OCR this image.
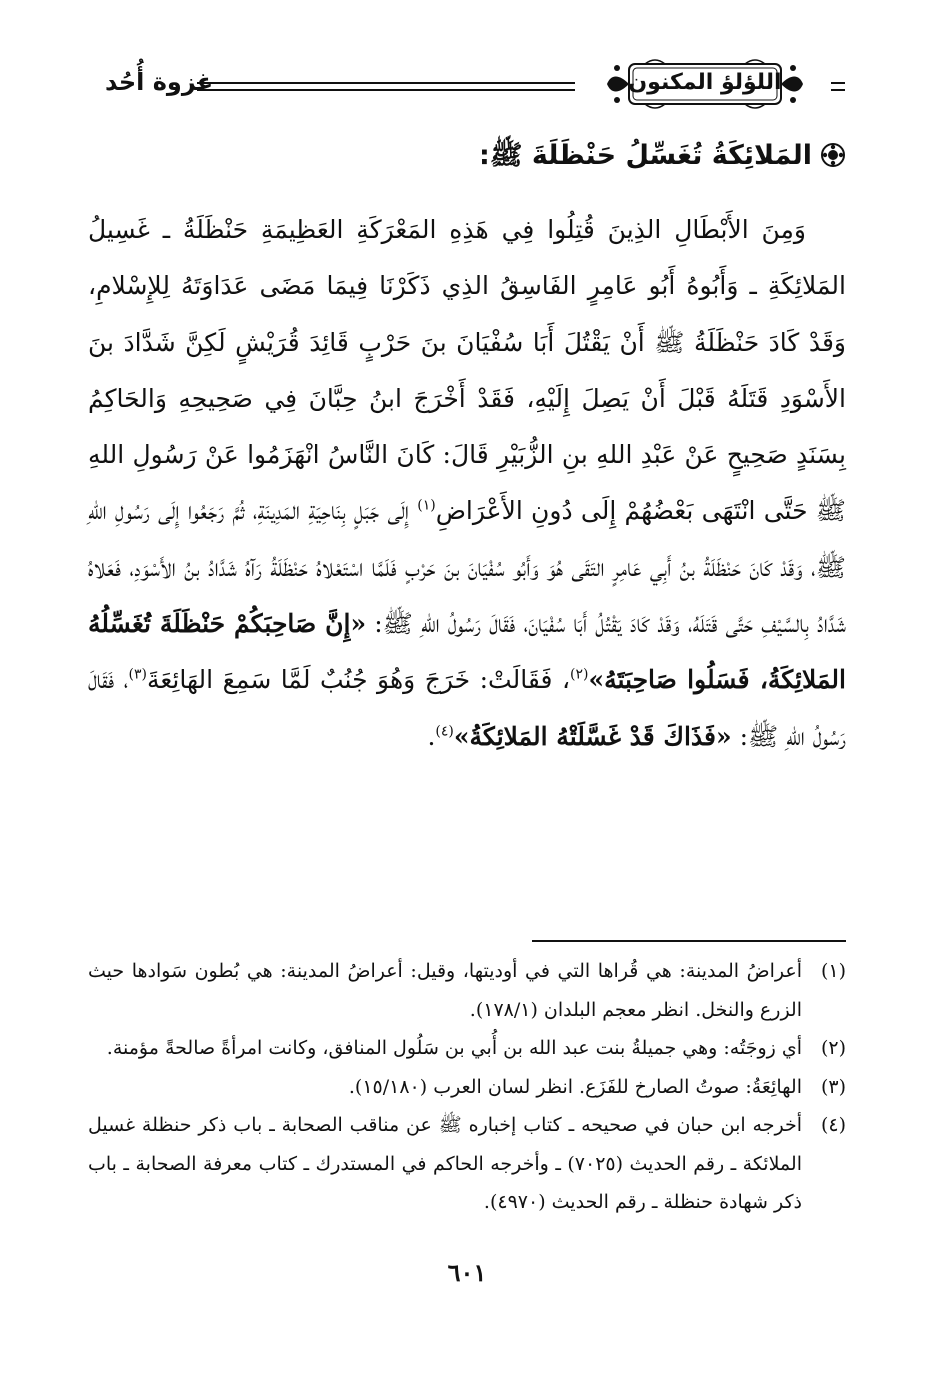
اللؤلؤ المكنون
غزوة أُحُد
المَلائِكَةُ تُغَسِّلُ حَنْظَلَةَ ﷺ:

وَمِنَ الأَبْطَالِ الذِينَ قُتِلُوا فِي هَذِهِ المَعْرَكَةِ العَظِيمَةِ حَنْظَلَةُ ـ غَسِيلُ المَلائِكَةِ ـ وَأَبُوهُ أَبُو عَامِرٍ الفَاسِقُ الذِي ذَكَرْنَا فِيمَا مَضَى عَدَاوَتَهُ لِلإِسْلامِ، وَقَدْ كَادَ حَنْظَلَةُ ﷺ أَنْ يَقْتُلَ أَبَا سُفْيَانَ بنَ حَرْبٍ قَائِدَ قُرَيْشٍ لَكِنَّ شَدَّادَ بنَ الأَسْوَدِ قَتَلَهُ قَبْلَ أَنْ يَصِلَ إِلَيْهِ، فَقَدْ أَخْرَجَ ابنُ حِبَّانَ فِي صَحِيحِهِ وَالحَاكِمُ بِسَنَدٍ صَحِيحٍ عَنْ عَبْدِ اللهِ بنِ الزُّبَيْرِ قَالَ: كَانَ النَّاسُ انْهَزَمُوا عَنْ رَسُولِ اللهِ ﷺ حَتَّى انْتَهَى بَعْضُهُمْ إِلَى دُونِ الأَعْرَاضِ$^{(١)}$ إِلَى جَبَلٍ بِنَاحِيَةِ المَدِينَةِ، ثُمَّ رَجَعُوا إِلَى رَسُولِ اللهِ ﷺ، وَقَدْ كَانَ حَنْظَلَةُ بنُ أَبِي عَامِرٍ التَقَى هُوَ وَأَبُو سُفْيَانَ بنَ حَرْبٍ فَلَمَّا اسْتَعْلاهُ حَنْظَلَةُ رَآهُ شَدَّادُ بنُ الأَسْوَدِ، فَعَلاهُ شَدَّادُ بِالسَّيْفِ حَتَّى قَتَلَهُ، وَقَدْ كَادَ يَقْتُلُ أَبَا سُفْيَانَ، فَقَالَ رَسُولُ اللهِ ﷺ: «إِنَّ صَاحِبَكُمْ حَنْظَلَةَ تُغَسِّلُهُ المَلائِكَةُ، فَسَلُوا صَاحِبَتَهُ»$^{(٢)}$، فَقَالَتْ: خَرَجَ وَهُوَ جُنُبٌ لَمَّا سَمِعَ الهَائِعَةَ$^{(٣)}$، فَقَالَ رَسُولُ اللهِ ﷺ: «فَذَاكَ قَدْ غَسَّلَتْهُ المَلائِكَةُ»$^{(٤)}$.

(١)
أعراضُ المدينة: هي قُراها التي في أوديتها، وقيل: أعراضُ المدينة: هي بُطون سَوادها حيث الزرع والنخل. انظر معجم البلدان (١٧٨/١).
(٢)
أي زوجَتُه: وهي جميلةُ بنت عبد الله بن أُبي بن سَلُول المنافق، وكانت امرأةً صالحةً مؤمنة.
(٣)
الهائِعَةُ: صوتُ الصارخ للفَزَع. انظر لسان العرب (١٥/١٨٠).
(٤)
أخرجه ابن حبان في صحيحه ـ كتاب إخباره ﷺ عن مناقب الصحابة ـ باب ذكر حنظلة غسيل الملائكة ـ رقم الحديث (٧٠٢٥) ـ وأخرجه الحاكم في المستدرك ـ كتاب معرفة الصحابة ـ باب ذكر شهادة حنظلة ـ رقم الحديث (٤٩٧٠).
٦٠١
